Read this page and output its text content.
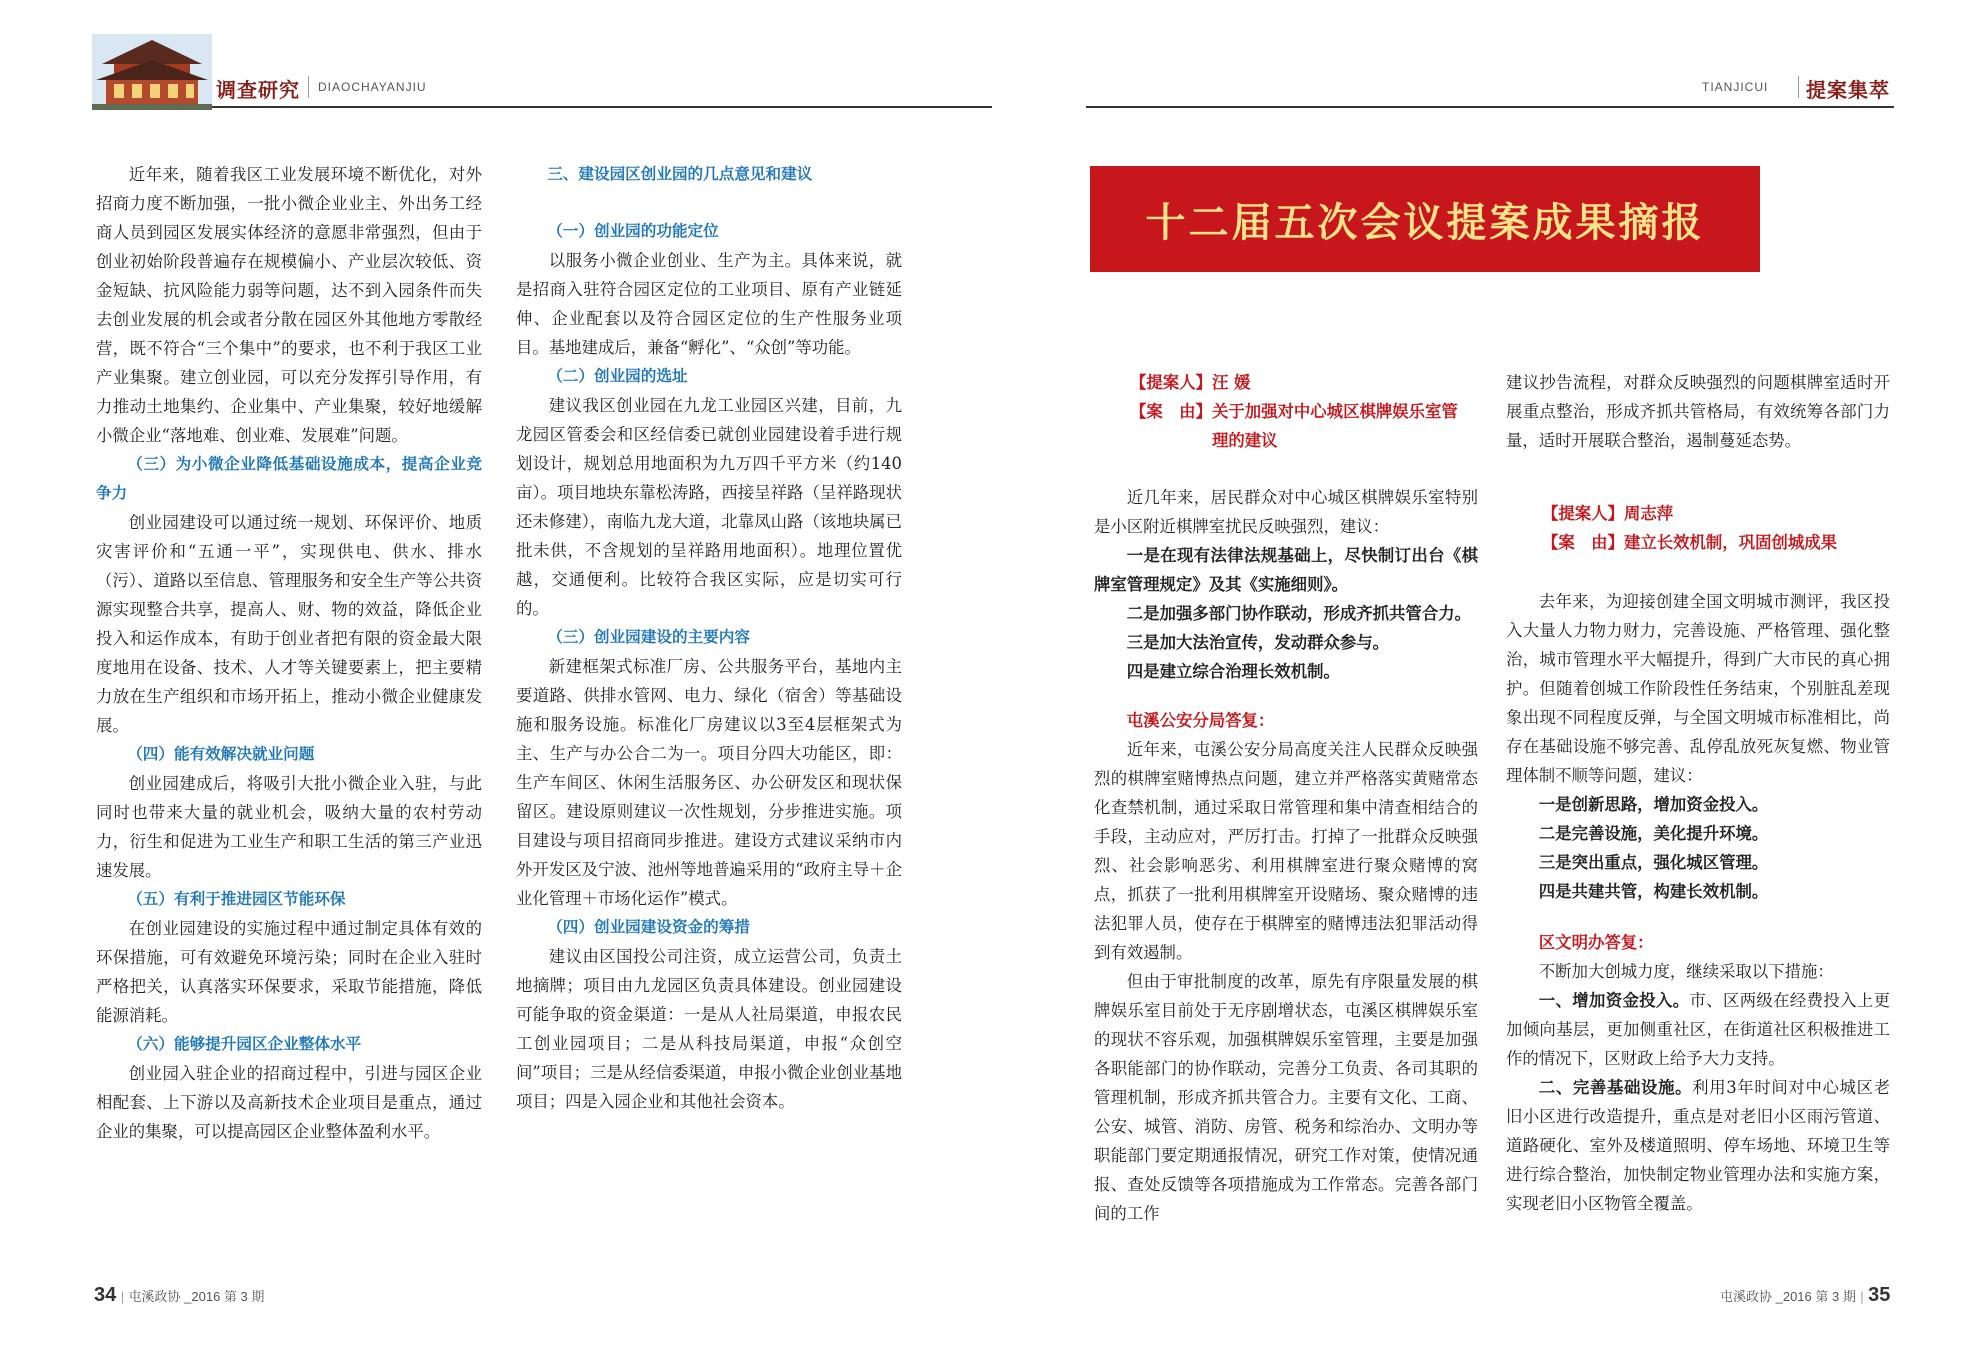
调查研究 DIAOCHAYANJIU	TIANJICUI 提案集萃

近年来，随着我区工业发展环境不断优化，对外招商力度不断加强，一批小微企业业主、外出务工经商人员到园区发展实体经济的意愿非常强烈，但由于创业初始阶段普遍存在规模偏小、产业层次较低、资金短缺、抗风险能力弱等问题，达不到入园条件而失去创业发展的机会或者分散在园区外其他地方零散经营，既不符合“三个集中”的要求，也不利于我区工业产业集聚。建立创业园，可以充分发挥引导作用，有力推动土地集约、企业集中、产业集聚，较好地缓解小微企业“落地难、创业难、发展难”问题。

（三）为小微企业降低基础设施成本，提高企业竞争力

创业园建设可以通过统一规划、环保评价、地质灾害评价和“五通一平”，实现供电、供水、排水（污）、道路以至信息、管理服务和安全生产等公共资源实现整合共享，提高人、财、物的效益，降低企业投入和运作成本，有助于创业者把有限的资金最大限度地用在设备、技术、人才等关键要素上，把主要精力放在生产组织和市场开拓上，推动小微企业健康发展。

（四）能有效解决就业问题

创业园建成后，将吸引大批小微企业入驻，与此同时也带来大量的就业机会，吸纳大量的农村劳动力，衍生和促进为工业生产和职工生活的第三产业迅速发展。

（五）有利于推进园区节能环保

在创业园建设的实施过程中通过制定具体有效的环保措施，可有效避免环境污染；同时在企业入驻时严格把关，认真落实环保要求，采取节能措施，降低能源消耗。

（六）能够提升园区企业整体水平

创业园入驻企业的招商过程中，引进与园区企业相配套、上下游以及高新技术企业项目是重点，通过企业的集聚，可以提高园区企业整体盈利水平。

三、建设园区创业园的几点意见和建议

（一）创业园的功能定位

以服务小微企业创业、生产为主。具体来说，就是招商入驻符合园区定位的工业项目、原有产业链延伸、企业配套以及符合园区定位的生产性服务业项目。基地建成后，兼备“孵化”、“众创”等功能。

（二）创业园的选址

建议我区创业园在九龙工业园区兴建，目前，九龙园区管委会和区经信委已就创业园建设着手进行规划设计，规划总用地面积为九万四千平方米（约140亩）。项目地块东靠松涛路，西接呈祥路（呈祥路现状还未修建），南临九龙大道，北靠凤山路（该地块属已批未供，不含规划的呈祥路用地面积）。地理位置优越，交通便利。比较符合我区实际，应是切实可行的。

（三）创业园建设的主要内容

新建框架式标准厂房、公共服务平台，基地内主要道路、供排水管网、电力、绿化（宿舍）等基础设施和服务设施。标准化厂房建议以3至4层框架式为主、生产与办公合二为一。项目分四大功能区，即：生产车间区、休闲生活服务区、办公研发区和现状保留区。建设原则建议一次性规划，分步推进实施。项目建设与项目招商同步推进。建设方式建议采纳市内外开发区及宁波、池州等地普遍采用的“政府主导＋企业化管理＋市场化运作”模式。

（四）创业园建设资金的筹措

建议由区国投公司注资，成立运营公司，负责土地摘牌；项目由九龙园区负责具体建设。创业园建设可能争取的资金渠道：一是从人社局渠道，申报农民工创业园项目；二是从科技局渠道，申报“众创空间”项目；三是从经信委渠道，申报小微企业创业基地项目；四是入园企业和其他社会资本。

十二届五次会议提案成果摘报

【提案人】汪 媛

【案　由】 关于加强对中心城区棋牌娱乐室管理的建议

近几年来，居民群众对中心城区棋牌娱乐室特别是小区附近棋牌室扰民反映强烈，建议：

一是在现有法律法规基础上，尽快制订出台《棋牌室管理规定》及其《实施细则》。

二是加强多部门协作联动，形成齐抓共管合力。

三是加大法治宣传，发动群众参与。

四是建立综合治理长效机制。

屯溪公安分局答复：

近年来，屯溪公安分局高度关注人民群众反映强烈的棋牌室赌博热点问题，建立并严格落实黄赌常态化查禁机制，通过采取日常管理和集中清查相结合的手段，主动应对，严厉打击。打掉了一批群众反映强烈、社会影响恶劣、利用棋牌室进行聚众赌博的窝点，抓获了一批利用棋牌室开设赌场、聚众赌博的违法犯罪人员，使存在于棋牌室的赌博违法犯罪活动得到有效遏制。

但由于审批制度的改革，原先有序限量发展的棋牌娱乐室目前处于无序剧增状态，屯溪区棋牌娱乐室的现状不容乐观，加强棋牌娱乐室管理，主要是加强各职能部门的协作联动，完善分工负责、各司其职的管理机制，形成齐抓共管合力。主要有文化、工商、公安、城管、消防、房管、税务和综治办、文明办等职能部门要定期通报情况，研究工作对策，使情况通报、查处反馈等各项措施成为工作常态。完善各部门间的工作

建议抄告流程，对群众反映强烈的问题棋牌室适时开展重点整治，形成齐抓共管格局，有效统筹各部门力量，适时开展联合整治，遏制蔓延态势。

【提案人】周志萍

【案　由】建立长效机制，巩固创城成果

去年来，为迎接创建全国文明城市测评，我区投入大量人力物力财力，完善设施、严格管理、强化整治，城市管理水平大幅提升，得到广大市民的真心拥护。但随着创城工作阶段性任务结束，个别脏乱差现象出现不同程度反弹，与全国文明城市标准相比，尚存在基础设施不够完善、乱停乱放死灰复燃、物业管理体制不顺等问题，建议：

一是创新思路，增加资金投入。

二是完善设施，美化提升环境。

三是突出重点，强化城区管理。

四是共建共管，构建长效机制。

区文明办答复：

不断加大创城力度，继续采取以下措施：

一、增加资金投入。市、区两级在经费投入上更加倾向基层，更加侧重社区，在街道社区积极推进工作的情况下，区财政上给予大力支持。

二、完善基础设施。利用3年时间对中心城区老旧小区进行改造提升，重点是对老旧小区雨污管道、道路硬化、室外及楼道照明、停车场地、环境卫生等进行综合整治，加快制定物业管理办法和实施方案，实现老旧小区物管全覆盖。

34 | 屯溪政协 _2016 第 3 期	屯溪政协 _2016 第 3 期 | 35
